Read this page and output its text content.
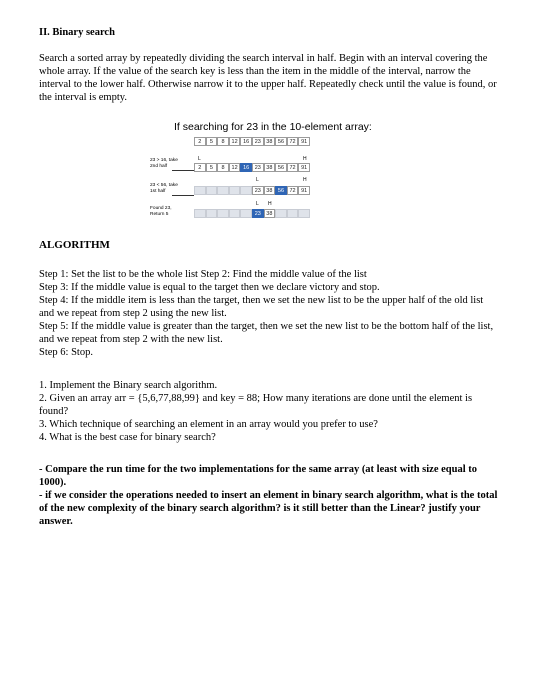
II. Binary search

Search a sorted array by repeatedly dividing the search interval in half. Begin with an interval covering the whole array. If the value of the search key is less than the item in the middle of the interval, narrow the interval to the lower half. Otherwise narrow it to the upper half. Repeatedly check until the value is found, or the interval is empty.

If searching for 23 in the 10-element array:
2	5	8	12 16 23 38 56 72 91
23 > 16, take 2nd half
L	H
2	5	8	12 16 23 38 56 72 91
23 < 56, take 1st half
L	H
2	5	8	12 16 23 38 56 72 91
Found 23, Return 5
L H
2	5	8	12 16 23 38 56 72 91
ALGORITHM

Step 1: Set the list to be the whole list Step 2: Find the middle value of the list

Step 3: If the middle value is equal to the target then we declare victory and stop.

Step 4: If the middle item is less than the target, then we set the new list to be the upper half of the old list and we repeat from step 2 using the new list.

Step 5: If the middle value is greater than the target, then we set the new list to be the bottom half of the list, and we repeat from step 2 with the new list.

Step 6: Stop.

1. Implement the Binary search algorithm.

2. Given an array arr = {5,6,77,88,99} and key = 88; How many iterations are done until the element is found?

3. Which technique of searching an element in an array would you prefer to use?

4. What is the best case for binary search?

- Compare the run time for the two implementations for the same array (at least with size equal to 1000).

- if we consider the operations needed to insert an element in binary search algorithm, what is the total of the new complexity of the binary search algorithm? is it still better than the Linear? justify your answer.
